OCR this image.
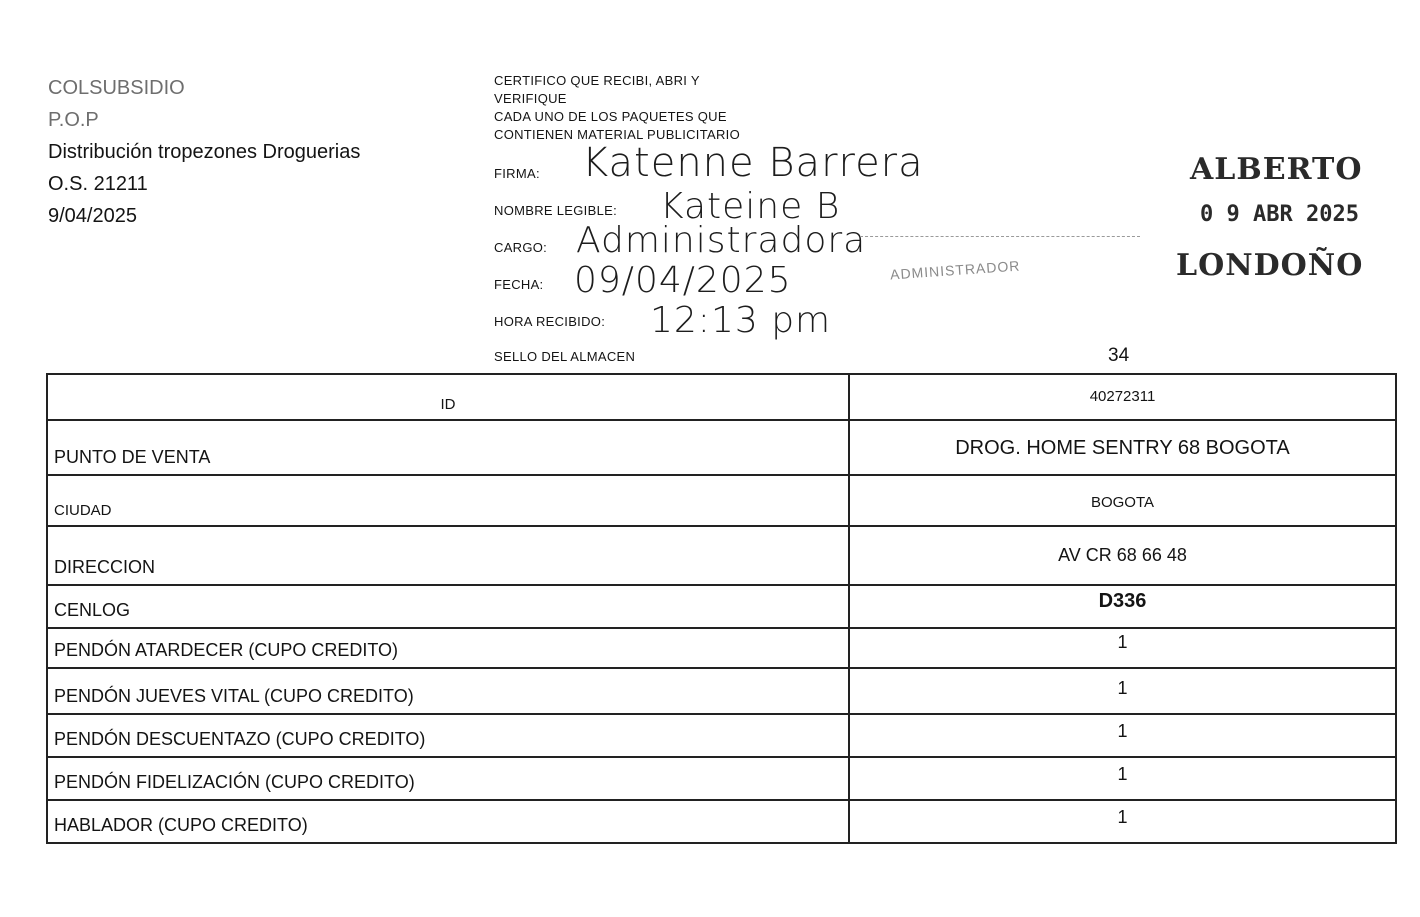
COLSUBSIDIO
P.O.P
Distribución tropezones Droguerias
O.S. 21211
9/04/2025
CERTIFICO QUE RECIBI, ABRI Y
VERIFIQUE
CADA UNO DE LOS PAQUETES QUE
CONTIENEN MATERIAL PUBLICITARIO
FIRMA: Katenne Barrera
NOMBRE LEGIBLE: Kateine B
CARGO: Administradora
ADMINISTRADOR
FECHA: 09/04/2025
HORA RECIBIDO: 12:13 pm
SELLO DEL ALMACEN	34
ALBERTO
0 9 ABR 2025
LONDOÑO
ID	40272311
PUNTO DE VENTA	DROG. HOME SENTRY 68 BOGOTA
CIUDAD	BOGOTA
DIRECCION	AV CR 68 66 48
CENLOG	D336
PENDÓN ATARDECER (CUPO CREDITO)	1
PENDÓN JUEVES VITAL (CUPO CREDITO)	1
PENDÓN DESCUENTAZO (CUPO CREDITO)	1
PENDÓN FIDELIZACIÓN (CUPO CREDITO)	1
HABLADOR (CUPO CREDITO)	1
